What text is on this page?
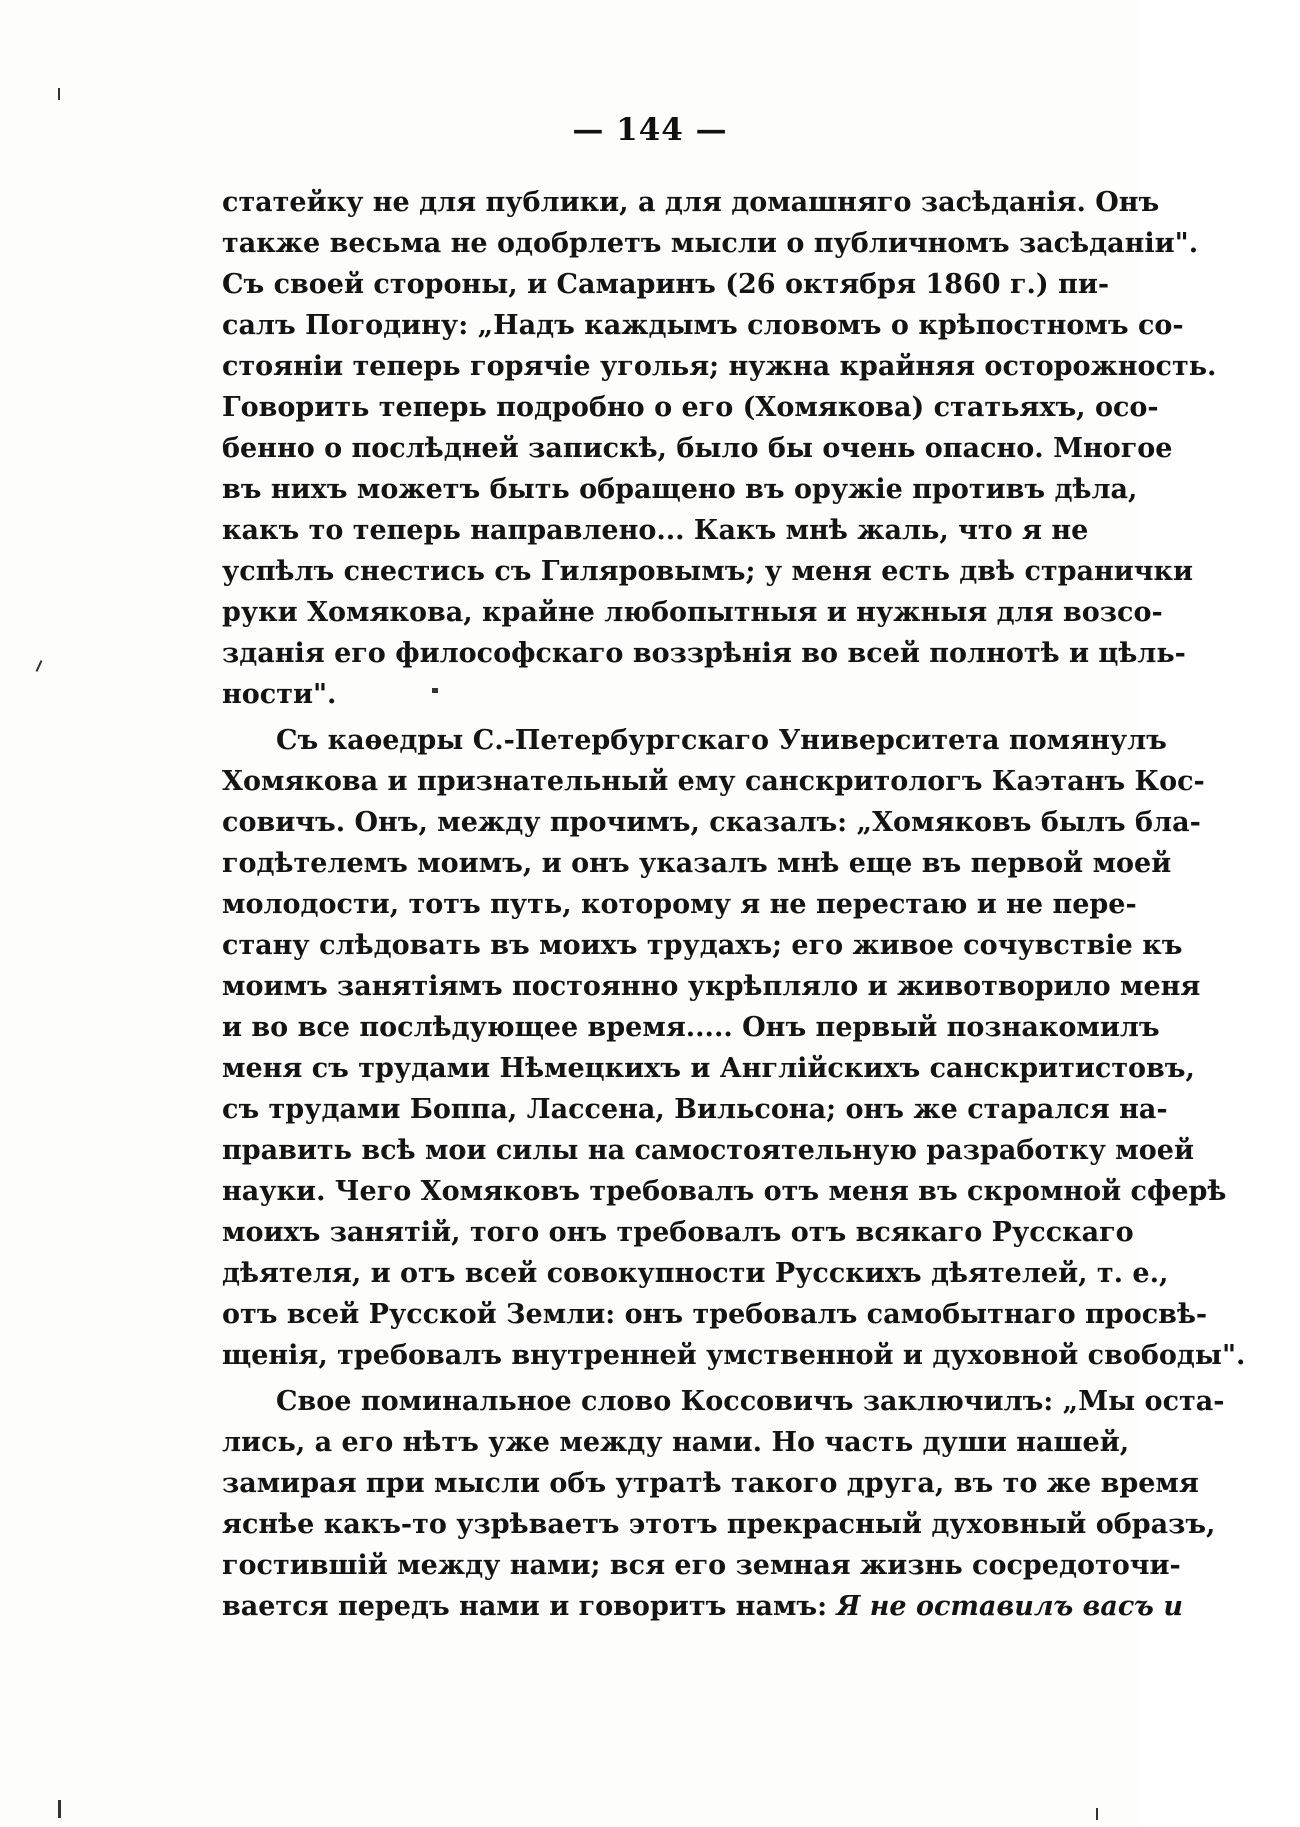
— 144 —
статейку не для публики, а для домашняго засѣданія. Онъ
также весьма не одобрлетъ мысли о публичномъ засѣданіи".
Съ своей стороны, и Самаринъ (26 октября 1860 г.) пи-
салъ Погодину: „Надъ каждымъ словомъ о крѣпостномъ со-
стояніи теперь горячіе уголья; нужна крайняя осторожность.
Говорить теперь подробно о его (Хомякова) статьяхъ, осо-
бенно о послѣдней запискѣ, было бы очень опасно. Многое
въ нихъ можетъ быть обращено въ оружіе противъ дѣла,
какъ то теперь направлено... Какъ мнѣ жаль, что я не
успѣлъ снестись съ Гиляровымъ; у меня есть двѣ странички
руки Хомякова, крайне любопытныя и нужныя для возсо-
зданія его философскаго воззрѣнія во всей полнотѣ и цѣль-
ности".
Съ каѳедры С.-Петербургскаго Университета помянулъ
Хомякова и признательный ему санскритологъ Каэтанъ Кос-
совичъ. Онъ, между прочимъ, сказалъ: „Хомяковъ былъ бла-
годѣтелемъ моимъ, и онъ указалъ мнѣ еще въ первой моей
молодости, тотъ путь, которому я не перестаю и не пере-
стану слѣдовать въ моихъ трудахъ; его живое сочувствіе къ
моимъ занятіямъ постоянно укрѣпляло и животворило меня
и во все послѣдующее время..... Онъ первый познакомилъ
меня съ трудами Нѣмецкихъ и Англійскихъ санскритистовъ,
съ трудами Боппа, Лассена, Вильсона; онъ же старался на-
править всѣ мои силы на самостоятельную разработку моей
науки. Чего Хомяковъ требовалъ отъ меня въ скромной сферѣ
моихъ занятій, того онъ требовалъ отъ всякаго Русскаго
дѣятеля, и отъ всей совокупности Русскихъ дѣятелей, т. е.,
отъ всей Русской Земли: онъ требовалъ самобытнаго просвѣ-
щенія, требовалъ внутренней умственной и духовной свободы".
Свое поминальное слово Коссовичъ заключилъ: „Мы оста-
лись, а его нѣтъ уже между нами. Но часть души нашей,
замирая при мысли объ утратѣ такого друга, въ то же время
яснѣе какъ-то узрѣваетъ этотъ прекрасный духовный образъ,
гостившій между нами; вся его земная жизнь сосредоточи-
вается передъ нами и говоритъ намъ: Я не оставилъ васъ и
